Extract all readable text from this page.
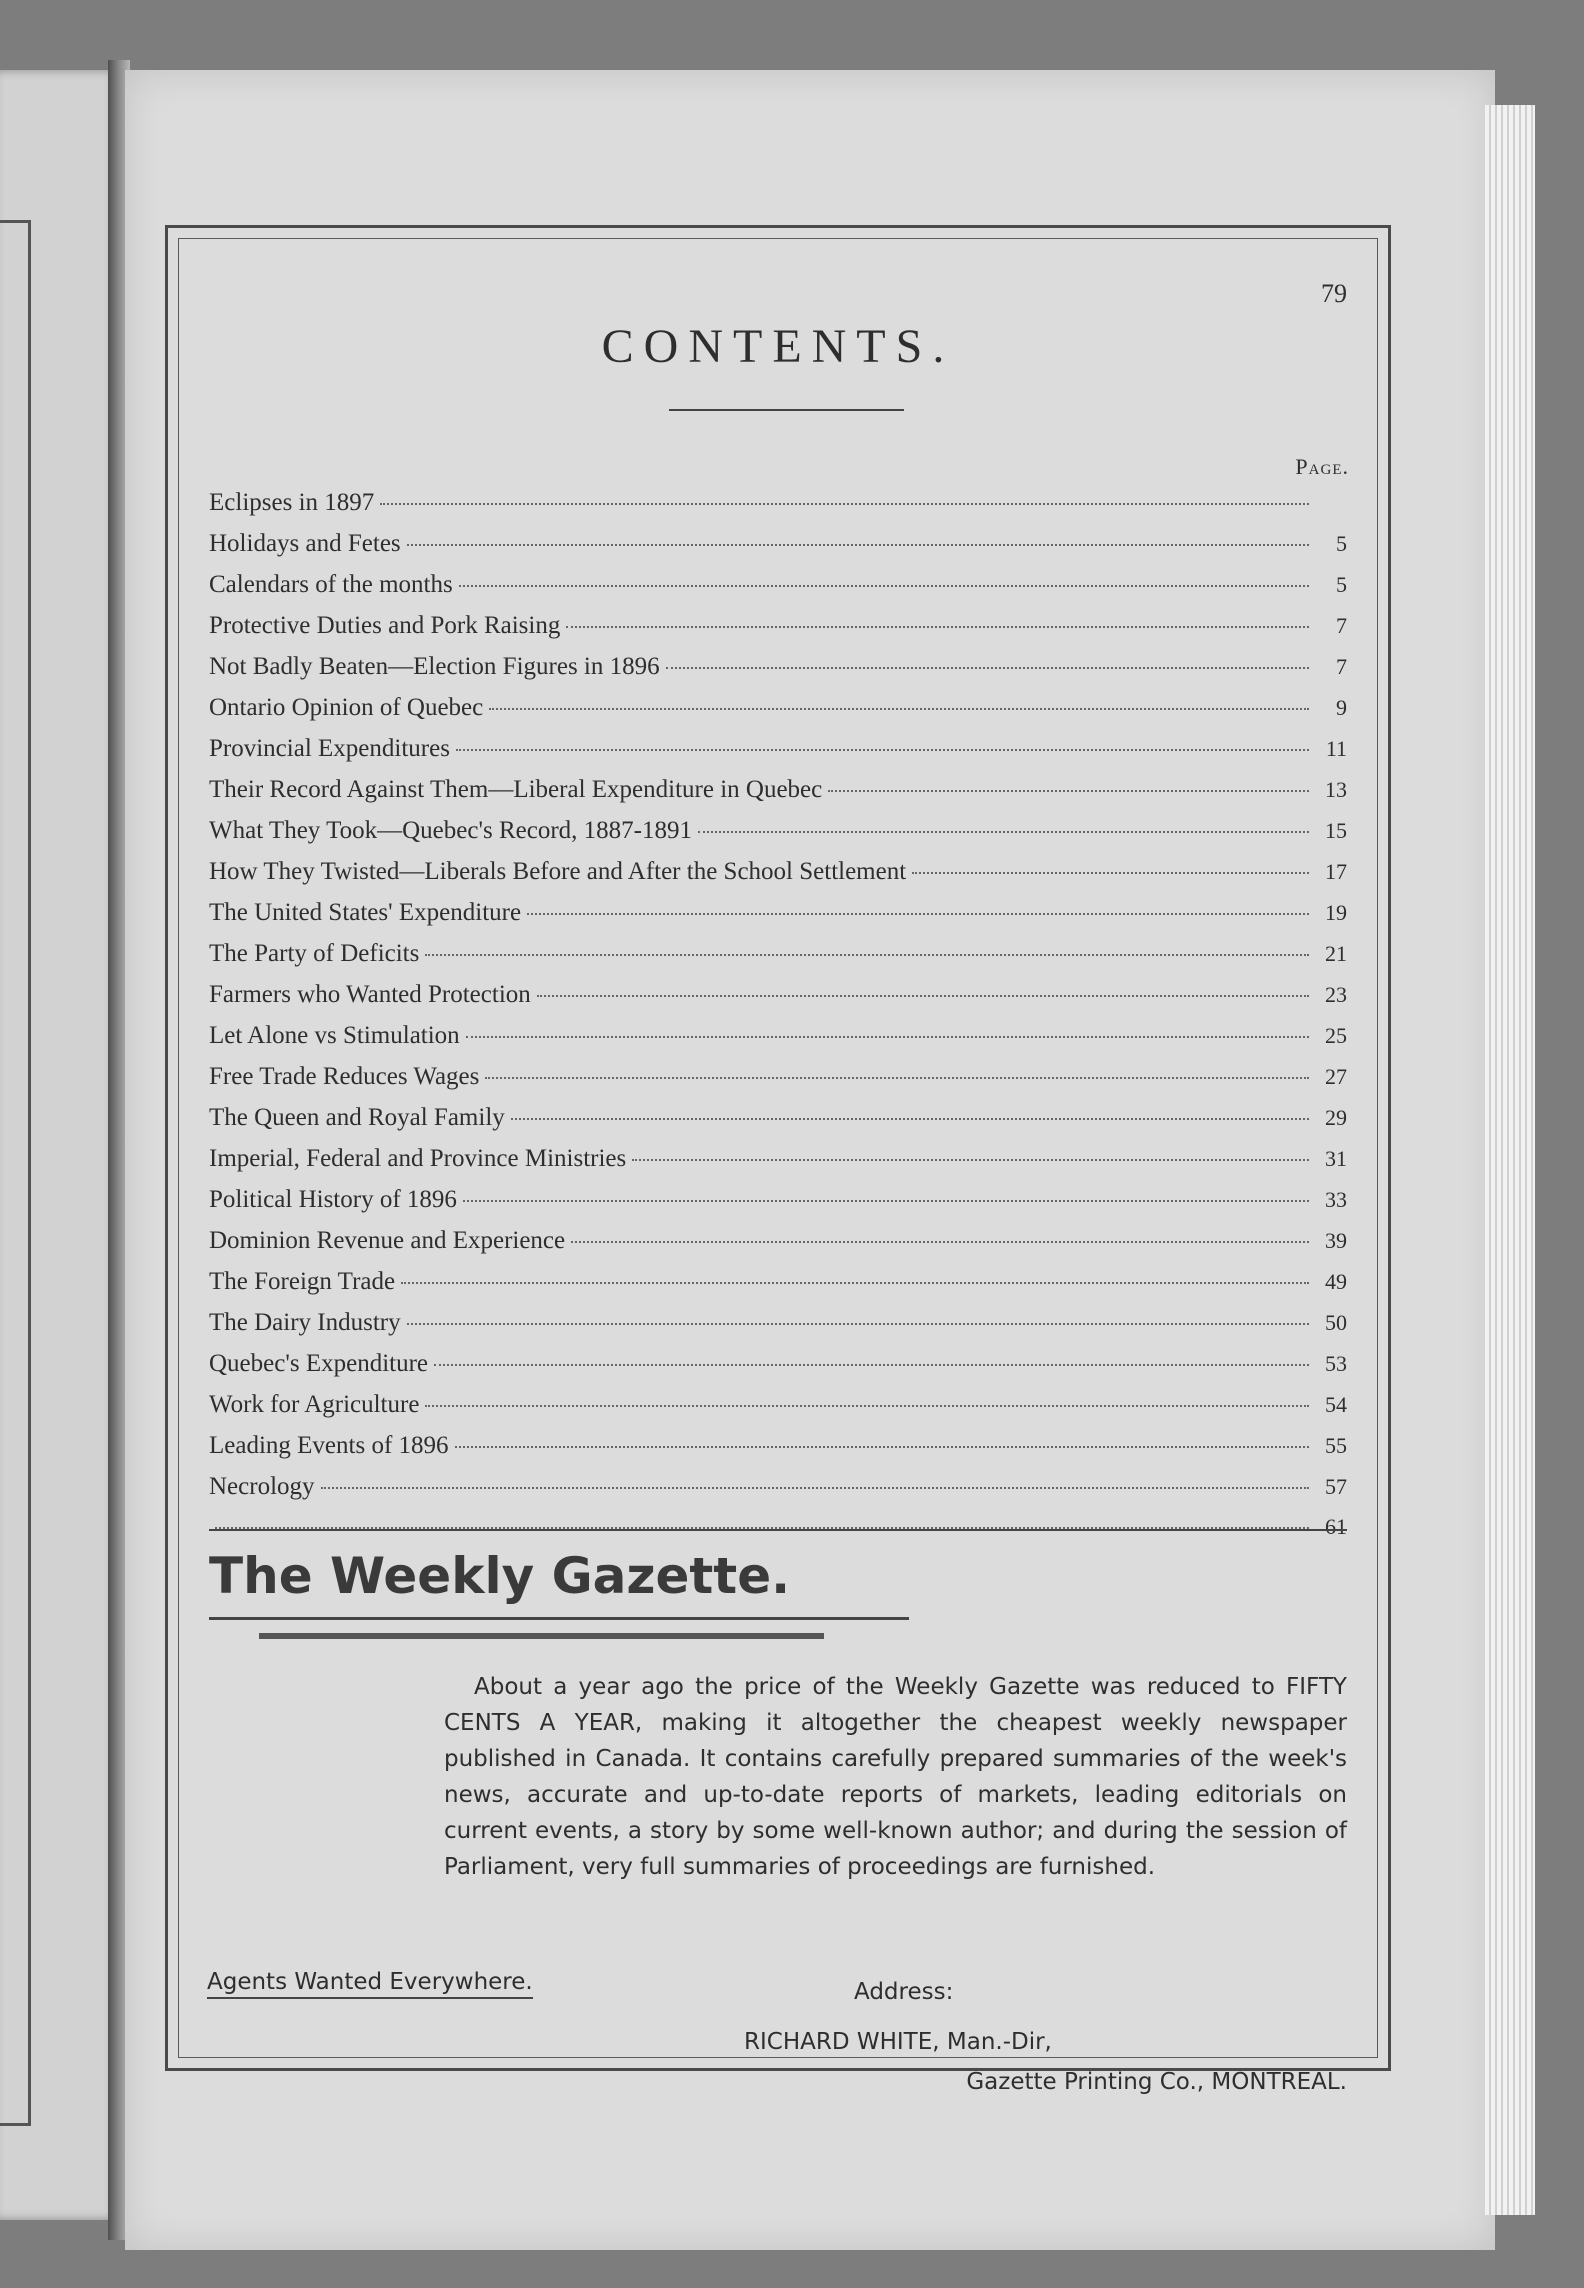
79
CONTENTS.
Page.
Eclipses in 1897
Holidays and Fetes	5
Calendars of the months	5
Protective Duties and Pork Raising	7
Not Badly Beaten—Election Figures in 1896	7
Ontario Opinion of Quebec	9
Provincial Expenditures	11
Their Record Against Them—Liberal Expenditure in Quebec	13
What They Took—Quebec's Record, 1887-1891	15
How They Twisted—Liberals Before and After the School Settlement	17
The United States' Expenditure	19
The Party of Deficits	21
Farmers who Wanted Protection	23
Let Alone vs Stimulation	25
Free Trade Reduces Wages	27
The Queen and Royal Family	29
Imperial, Federal and Province Ministries	31
Political History of 1896	33
Dominion Revenue and Experience	39
The Foreign Trade	49
The Dairy Industry	50
Quebec's Expenditure	53
Work for Agriculture	54
Leading Events of 1896	55
Necrology	57
61
The Weekly Gazette.

About a year ago the price of the Weekly Gazette was reduced to FIFTY CENTS A YEAR, making it altogether the cheapest weekly newspaper published in Canada. It contains carefully prepared summaries of the week's news, accurate and up-to-date reports of markets, leading editorials on current events, a story by some well-known author; and during the session of Parliament, very full summaries of proceedings are furnished.

Agents Wanted Everywhere.	Address:
RICHARD WHITE, Man.-Dir,
Gazette Printing Co., MONTREAL.
